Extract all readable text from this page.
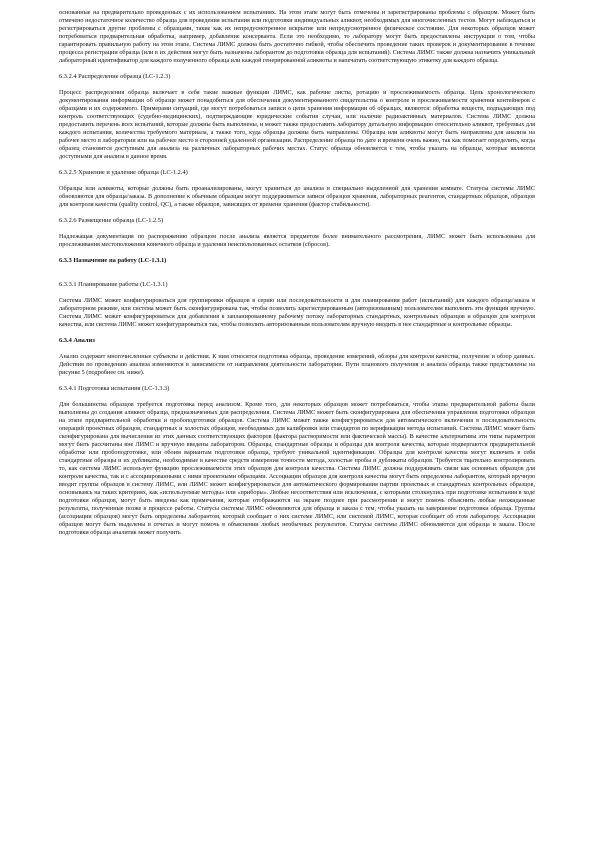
основанные на предварительно проведенных с их использованием испытаниях. На этом этапе могут быть отмечены и зарегистрированы проблемы с образцом. Может быть отмечено недостаточное количество образца для проведения испытания или подготовки индивидуальных аликвот, необходимых для многочисленных тестов. Могут наблюдаться и регистрироваться другие проблемы с образцами, такие как их непредусмотренное вскрытие или непредусмотренное физическое состояние. Для некоторых образцов может потребоваться предварительная обработка, например, добавление консерванта. Если это необходимо, то лаборатору могут быть предоставлены инструкции о том, чтобы гарантировать правильную работу на этом этапе. Система ЛИМС должна быть достаточно гибкой, чтобы обеспечить проведение таких проверок и документирование в течение процесса регистрации образца (или в их действия могут быть назначены лаборантом до подготовки образца для испытаний). Система ЛИМС также должна назначить уникальный лабораторный идентификатор для каждого полученного образца или каждой генерированной аликвоты и напечатать соответствующую этикетку для каждого образца.

6.3.2.4 Распределение образца (LC-1.2.3)

Процесс распределения образца включает в себя такие важные функции ЛИМС, как рабочие листы, ротацию и прослеживаемость образца. Цепь хронологического документирования информации об образце может понадобиться для обеспечения документированного свидетельства о контроле и прослеживаемости хранения контейнеров с образцами и их содержимого. Примерами ситуаций, где могут потребоваться записи о цепи хранения информации об образцах, являются: обработка веществ, подпадающих под контроль соответствующих (судебно-медицинских), подтверждающие юридические события случаи, или наличие радиоактивных материалов. Система ЛИМС должна предоставить перечень всех испытаний, которые должны быть выполнены, и может также предоставить лаборатору детальную информацию относительно аликвот, требуемых для каждого испытания, количества требуемого материала, а также того, куда образцы должны быть направлены. Образцы или аликвоты могут быть направлены для анализа на рабочее место в лаборатории или на рабочее место в сторонней удаленной организации. Распределение образца по дате и времени очень важно, так как помогает определить, когда образец становится доступным для анализа на различных лабораторных рабочих местах. Статус образца обновляется с тем, чтобы указать на образцы, которые являются доступными для анализа в данное время.

6.3.2.5 Хранение и удаление образца (LC-1.2.4)

Образцы или аликвоты, которые должны быть проанализированы, могут храниться до анализа в специально выделенной для хранения комнате. Статусы системы ЛИМС обновляются для образца/заказа. В дополнение к обычным образцам могут поддерживаться записи образцов хранения, лабораторных реагентов, стандартных образцов, образцов для контроля качества (quality control, QC), а также образцов, зависящих от времени хранения (фактор стабильности).

6.3.2.6 Размещение образца (LC-1.2.5)

Надлежащая документация по распоряжению образцом после анализа является предметом более внимательного рассмотрения, ЛИМС может быть использована для прослеживания местоположения конечного образца и удаления неиспользованных остатков (сбросов).

6.3.3 Назначение на работу (LC-1.3.1)
6.3.3.1 Планирование работы (LC-1.3.1)

Система ЛИМС может конфигурироваться для группировки образцов в серию или последовательности и для планирования работ (испытаний) для каждого образца/заказа в лабораторном режиме, или система может быть сконфигурирована так, чтобы позволить зарегистрированным (авторизованным) пользователям выполнять эти функции вручную. Система ЛИМС может конфигурироваться для добавления к запланированному рабочему потоку лабораторных стандартных, контрольных образцов и образцов для контроля качества, или система ЛИМС может конфигурироваться так, чтобы позволить авторизованным пользователям вручную вводить в нее стандартные и контрольные образцы.

6.3.4 Анализ

Анализ содержит многочисленные субъекты и действия. К ним относятся подготовка образца, проведение измерений, обзоры для контроля качества, получение и обзор данных. Действия по проведению анализа изменяются в зависимости от направления деятельности лаборатории. Пути планового получения и анализа образца также представлены на рисунке 5 (подробнее см. ниже).

6.3.4.1 Подготовка испытания (LC-1.3.3)

Для большинства образцов требуется подготовка перед анализом. Кроме того, для некоторых образцов может потребоваться, чтобы этапы предварительной работы были выполнены до создания аликвот образца, предназначенных для распределения. Система ЛИМС может быть сконфигурирована для обеспечения управления подготовки образцов на этапе предварительной обработки и пробоподготовки образцов. Система ЛИМС может также конфигурироваться для автоматического включения в последовательность операций проектных образцов, стандартных и холостых образцов, необходимых для калибровки или стандартов по верификации метода испытаний. Система ЛИМС может быть сконфигурирована для вычисления из этих данных соответствующих факторов (фактора растворимости или фактической массы). В качестве альтернативы эти типы параметров могут быть рассчитаны вне ЛИМС и вручную введены лаборатором. Образцы, стандартные образцы и образцы для контроля качества, которые подвергаются предварительной обработке или пробоподготовке, или обоим вариантам подготовки образца, требуют уникальной идентификации. Образцы для контроля качества могут включать в себя стандартные образцы и их дубликаты, необходимые в качестве средств измерения точности метода, холостые пробы и дубликаты образцов. Требуется тщательно контролировать то, как система ЛИМС использует функцию прослеживаемости этих образцов для контроля качества. Система ЛИМС должна поддерживать связи как основных образцов для контроля качества, так и с ассоциированными с ними проектными образцами. Ассоциации образцов для контроля качества могут быть определены лаборантом, который вручную вводит группы образцов в систему ЛИМС, или ЛИМС может конфигурироваться для автоматического формирования партии проектных и стандартных контрольных образцов, основываясь на таких критериях, как «используемые методы» или «приборы». Любые несоответствия или исключения, с которыми столкнулись при подготовке испытания в ходе подготовки образцов, могут быть введены как примечания, которые отображаются на экране позднее при рассмотрении и могут помочь объяснить любые неожиданные результаты, полученные позже в процессе работы. Статусы системы ЛИМС обновляются для образца и заказа с тем, чтобы указать на завершение подготовки образца. Группы (ассоциации образцов) могут быть определены лаборантом, который сообщает о них системе ЛИМС, или системой ЛИМС, которая сообщает об этом лаборатору. Ассоциации образцов могут быть выделены в отчетах и могут помочь в объяснении любых необычных результатов. Статусы системы ЛИМС обновляются для образца и заказа. После подготовки образца аналитик может получить
